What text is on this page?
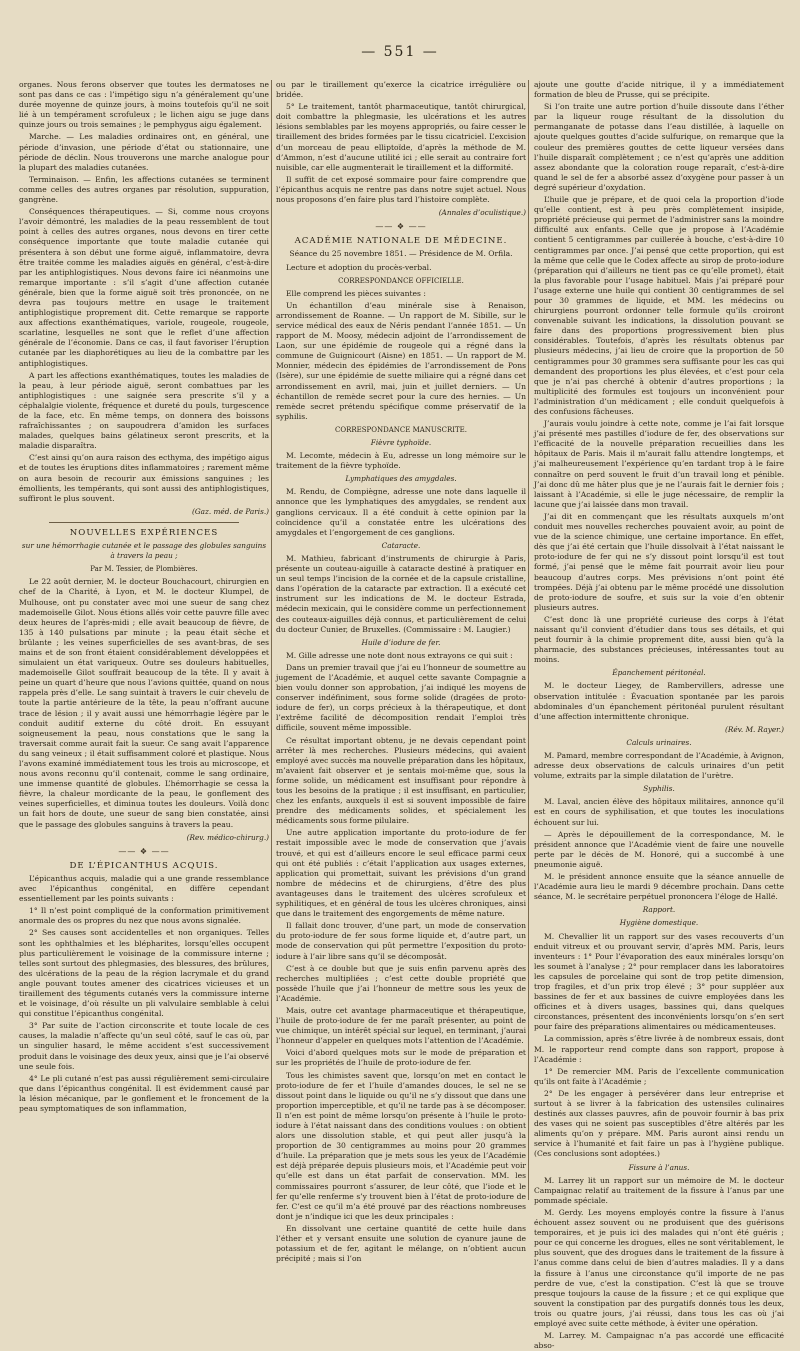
— 551 —

organes. Nous ferons observer que toutes les dermatoses ne sont pas dans ce cas : l’impétigo sigu n’a généralement qu’une durée moyenne de quinze jours, à moins toutefois qu’il ne soit lié à un tempérament scrofuleux ; le lichen aigu se juge dans quinze jours ou trois semaines ; le pemphygus aigu également.

Marche. — Les maladies ordinaires ont, en général, une période d’invasion, une période d’état ou stationnaire, une période de déclin. Nous trouverons une marche analogue pour la plupart des maladies cutanées.

Terminaison. — Enfin, les affections cutanées se terminent comme celles des autres organes par résolution, suppuration, gangrène.

Conséquences thérapeutiques. — Si, comme nous croyons l’avoir démontré, les maladies de la peau ressemblent de tout point à celles des autres organes, nous devons en tirer cette conséquence importante que toute maladie cutanée qui présentera à son début une forme aiguë, inflammatoire, devra être traitée comme les maladies aiguës en général, c’est-à-dire par les antiphlogistiques. Nous devons faire ici néanmoins une remarque importante : s’il s’agit d’une affection cutanée générale, bien que la forme aiguë soit très prononcée, on ne devra pas toujours mettre en usage le traitement antiphlogistique proprement dit. Cette remarque se rapporte aux affections exanthématiques, variole, rougeole, rougeole, scarlatine, lesquelles ne sont que le reflet d’une affection générale de l’économie. Dans ce cas, il faut favoriser l’éruption cutanée par les diaphorétiques au lieu de la combattre par les antiphlogistiques.

A part les affections exanthématiques, toutes les maladies de la peau, à leur période aiguë, seront combattues par les antiphlogistiques : une saignée sera prescrite s’il y a céphalalgie violente, fréquence et dureté du pouls, turgescence de la face, etc. En même temps, on donnera des boissons rafraîchissantes ; on saupoudrera d’amidon les surfaces malades, quelques bains gélatineux seront prescrits, et la maladie disparaîtra.

C’est ainsi qu’on aura raison des ecthyma, des impétigo aigus et de toutes les éruptions dites inflammatoires ; rarement même on aura besoin de recourir aux émissions sanguines ; les émollients, les tempérants, qui sont aussi des antiphlogistiques, suffiront le plus souvent.

(Gaz. méd. de Paris.)

NOUVELLES EXPÉRIENCES

sur une hémorrhagie cutanée et le passage des globules sanguins à travers la peau ;

Par M. Tessier, de Plombières.

Le 22 août dernier, M. le docteur Bouchacourt, chirurgien en chef de la Charité, à Lyon, et M. le docteur Klumpel, de Mulhouse, ont pu constater avec moi une sueur de sang chez mademoiselle Gilot. Nous étions allés voir cette pauvre fille avec deux heures de l’après-midi ; elle avait beaucoup de fièvre, de 135 à 140 pulsations par minute ; la peau était sèche et brûlante ; les veines superficielles de ses avant-bras, de ses mains et de son front étaient considérablement développées et simulaient un état variqueux. Outre ses douleurs habituelles, mademoiselle Gilot souffrait beaucoup de la tête. Il y avait à peine un quart d’heure que nous l’avions quittée, quand on nous rappela près d’elle. Le sang suintait à travers le cuir chevelu de toute la partie antérieure de la tête, la peau n’offrant aucune trace de lésion ; il y avait aussi une hémorrhagie légère par le conduit auditif externe du côté droit. En essuyant soigneusement la peau, nous constations que le sang la traversait comme aurait fait la sueur. Ce sang avait l’apparence du sang veineux ; il était suffisamment coloré et plastique. Nous l’avons examiné immédiatement tous les trois au microscope, et nous avons reconnu qu’il contenait, comme le sang ordinaire, une immense quantité de globules. L’hémorrhagie se cessa la fièvre, la chaleur mordicante de la peau, le gonflement des veines superficielles, et diminua toutes les douleurs. Voilà donc un fait hors de doute, une sueur de sang bien constatée, ainsi que le passage des globules sanguins à travers la peau.

(Rev. médico-chirurg.)

—— ❖ ——

DE L’ÉPICANTHUS ACQUIS.

L’épicanthus acquis, maladie qui a une grande ressemblance avec l’épicanthus congénital, en diffère cependant essentiellement par les points suivants :

1° Il n’est point compliqué de la conformation primitivement anormale des os propres du nez que nous avons signalée.

2° Ses causes sont accidentelles et non organiques. Telles sont les ophthalmies et les blépharites, lorsqu’elles occupent plus particulièrement le voisinage de la commissure interne ; telles sont surtout des phlegmasies, des blessures, des brûlures, des ulcérations de la peau de la région lacrymale et du grand angle pouvant toutes amener des cicatrices vicieuses et un tiraillement des téguments cutanés vers la commissure interne et le voisinage, d’où résulte un pli valvulaire semblable à celui qui constitue l’épicanthus congénital.

3° Par suite de l’action circonscrite et toute locale de ces causes, la maladie n’affecte qu’un seul côté, sauf le cas où, par un singulier hasard, le même accident s’est successivement produit dans le voisinage des deux yeux, ainsi que je l’ai observé une seule fois.

4° Le pli cutané n’est pas aussi régulièrement semi-circulaire que dans l’épicanthus congénital. Il est évidemment causé par la lésion mécanique, par le gonflement et le froncement de la peau symptomatiques de son inflammation,

ou par le tiraillement qu’exerce la cicatrice irrégulière ou bridée.

5° Le traitement, tantôt pharmaceutique, tantôt chirurgical, doit combattre la phlegmasie, les ulcérations et les autres lésions semblables par les moyens appropriés, ou faire cesser le tiraillement des brides formées par le tissu cicatriciel. L’excision d’un morceau de peau elliptoïde, d’après la méthode de M. d’Ammon, n’est d’aucune utilité ici ; elle serait au contraire fort nuisible, car elle augmenterait le tiraillement et la difformité.

Il suffit de cet exposé sommaire pour faire comprendre que l’épicanthus acquis ne rentre pas dans notre sujet actuel. Nous nous proposons d’en faire plus tard l’histoire complète.

(Annales d’oculistique.)

—— ❖ ——

ACADÉMIE NATIONALE DE MÉDECINE.

Séance du 25 novembre 1851. — Présidence de M. Orfila.

Lecture et adoption du procès-verbal.

CORRESPONDANCE OFFICIELLE.

Elle comprend les pièces suivantes :

Un échantillon d’eau minérale sise à Renaison, arrondissement de Roanne. — Un rapport de M. Sibille, sur le service médical des eaux de Néris pendant l’année 1851. — Un rapport de M. Moosy, médecin adjoint de l’arrondissement de Laon, sur une épidémie de rougeole qui a régné dans la commune de Guignicourt (Aisne) en 1851. — Un rapport de M. Monnier, médecin des épidémies de l’arrondissement de Pons (Isère), sur une épidémie de suette miliaire qui a régné dans cet arrondissement en avril, mai, juin et juillet derniers. — Un échantillon de remède secret pour la cure des hernies. — Un remède secret prétendu spécifique comme préservatif de la syphilis.

CORRESPONDANCE MANUSCRITE.

Fièvre typhoïde.

M. Lecomte, médecin à Eu, adresse un long mémoire sur le traitement de la fièvre typhoïde.

Lymphatiques des amygdales.

M. Rendu, de Compiègne, adresse une note dans laquelle il annonce que les lymphatiques des amygdales, se rendent aux ganglions cervicaux. Il a été conduit à cette opinion par la coïncidence qu’il a constatée entre les ulcérations des amygdales et l’engorgement de ces ganglions.

Cataracte.

M. Mathieu, fabricant d’instruments de chirurgie à Paris, présente un couteau-aiguille à cataracte destiné à pratiquer en un seul temps l’incision de la cornée et de la capsule cristalline, dans l’opération de la cataracte par extraction. Il a exécuté cet instrument sur les indications de M. le docteur Estrada, médecin mexicain, qui le considère comme un perfectionnement des couteaux-aiguilles déjà connus, et particulièrement de celui du docteur Cunier, de Bruxelles. (Commissaire : M. Laugier.)

Huile d’iodure de fer.

M. Gille adresse une note dont nous extrayons ce qui suit :

Dans un premier travail que j’ai eu l’honneur de soumettre au jugement de l’Académie, et auquel cette savante Compagnie a bien voulu donner son approbation, j’ai indiqué les moyens de conserver indéfiniment, sous forme solide (dragées de proto-iodure de fer), un corps précieux à la thérapeutique, et dont l’extrême facilité de décomposition rendait l’emploi très difficile, souvent même impossible.

Ce résultat important obtenu, je ne devais cependant point arrêter là mes recherches. Plusieurs médecins, qui avaient employé avec succès ma nouvelle préparation dans les hôpitaux, m’avaient fait observer et je sentais moi-même que, sous la forme solide, un médicament est insuffisant pour répondre à tous les besoins de la pratique ; il est insuffisant, en particulier, chez les enfants, auxquels il est si souvent impossible de faire prendre des médicaments solides, et spécialement les médicaments sous forme pilulaire.

Une autre application importante du proto-iodure de fer restait impossible avec le mode de conservation que j’avais trouvé, et qui est d’ailleurs encore le seul efficace parmi ceux qui ont été publiés : c’était l’application aux usages externes, application qui promettait, suivant les prévisions d’un grand nombre de médecins et de chirurgiens, d’être des plus avantageuses dans le traitement des ulcères scrofuleux et syphilitiques, et en général de tous les ulcères chroniques, ainsi que dans le traitement des engorgements de même nature.

Il fallait donc trouver, d’une part, un mode de conservation du proto-iodure de fer sous forme liquide et, d’autre part, un mode de conservation qui pût permettre l’exposition du proto-iodure à l’air libre sans qu’il se décomposât.

C’est à ce double but que je suis enfin parvenu après des recherches multipliées ; c’est cette double propriété que possède l’huile que j’ai l’honneur de mettre sous les yeux de l’Académie.

Mais, outre cet avantage pharmaceutique et thérapeutique, l’huile de proto-iodure de fer me paraît présenter, au point de vue chimique, un intérêt spécial sur lequel, en terminant, j’aurai l’honneur d’appeler en quelques mots l’attention de l’Académie.

Voici d’abord quelques mots sur le mode de préparation et sur les propriétés de l’huile de proto-iodure de fer.

Tous les chimistes savent que, lorsqu’on met en contact le proto-iodure de fer et l’huile d’amandes douces, le sel ne se dissout point dans le liquide ou qu’il ne s’y dissout que dans une proportion imperceptible, et qu’il ne tarde pas à se décomposer. Il n’en est point de même lorsqu’on présente à l’huile le proto-iodure à l’état naissant dans des conditions voulues : on obtient alors une dissolution stable, et qui peut aller jusqu’à la proportion de 30 centigrammes au moins pour 20 grammes d’huile. La préparation que je mets sous les yeux de l’Académie est déjà préparée depuis plusieurs mois, et l’Académie peut voir qu’elle est dans un état parfait de conservation. MM. les commissaires pourront s’assurer, de leur côté, que l’iode et le fer qu’elle renferme s’y trouvent bien à l’état de proto-iodure de fer. C’est ce qu’il m’a été prouvé par des réactions nombreuses dont je n’indique ici que les deux principales :

En dissolvant une certaine quantité de cette huile dans l’éther et y versant ensuite une solution de cyanure jaune de potassium et de fer, agitant le mélange, on n’obtient aucun précipité ; mais si l’on

ajoute une goutte d’acide nitrique, il y a immédiatement formation de bleu de Prusse, qui se précipite.

Si l’on traite une autre portion d’huile dissoute dans l’éther par la liqueur rouge résultant de la dissolution du permanganate de potasse dans l’eau distillée, à laquelle on ajoute quelques gouttes d’acide sulfurique, on remarque que la couleur des premières gouttes de cette liqueur versées dans l’huile disparaît complètement ; ce n’est qu’après une addition assez abondante que la coloration rouge reparaît, c’est-à-dire quand le sel de fer a absorbé assez d’oxygène pour passer à un degré supérieur d’oxydation.

L’huile que je prépare, et de quoi cela la proportion d’iode qu’elle contient, est à peu près complètement insipide, propriété précieuse qui permet de l’administrer sans la moindre difficulté aux enfants. Celle que je propose à l’Académie contient 5 centigrammes par cuillerée à bouche, c’est-à-dire 10 centigrammes par once. J’ai pensé que cette proportion, qui est la même que celle que le Codex affecte au sirop de proto-iodure (préparation qui d’ailleurs ne tient pas ce qu’elle promet), était la plus favorable pour l’usage habituel. Mais j’ai préparé pour l’usage externe une huile qui contient 30 centigrammes de sel pour 30 grammes de liquide, et MM. les médecins ou chirurgiens pourront ordonner telle formule qu’ils croiront convenable suivant les indications, la dissolution pouvant se faire dans des proportions progressivement bien plus considérables. Toutefois, d’après les résultats obtenus par plusieurs médecins, j’ai lieu de croire que la proportion de 50 centigrammes pour 30 grammes sera suffisante pour les cas qui demandent des proportions les plus élevées, et c’est pour cela que je n’ai pas cherché à obtenir d’autres proportions ; la multiplicité des formules est toujours un inconvénient pour l’administration d’un médicament ; elle conduit quelquefois à des confusions fâcheuses.

J’aurais voulu joindre à cette note, comme je l’ai fait lorsque j’ai présenté mes pastilles d’iodure de fer, des observations sur l’efficacité de la nouvelle préparation recueillies dans les hôpitaux de Paris. Mais il m’aurait fallu attendre longtemps, et j’ai malheureusement l’expérience qu’en tardant trop à le faire connaître on perd souvent le fruit d’un travail long et pénible. J’ai donc dû me hâter plus que je ne l’aurais fait le dernier fois ; laissant à l’Académie, si elle le juge nécessaire, de remplir la lacune que j’ai laissée dans mon travail.

J’ai dit en commençant que les résultats auxquels m’ont conduit mes nouvelles recherches pouvaient avoir, au point de vue de la science chimique, une certaine importance. En effet, dès que j’ai été certain que l’huile dissolvait à l’état naissant le proto-iodure de fer qui ne s’y dissout point lorsqu’il est tout formé, j’ai pensé que le même fait pourrait avoir lieu pour beaucoup d’autres corps. Mes prévisions n’ont point été trompées. Déjà j’ai obtenu par le même procédé une dissolution de proto-iodure de soufre, et suis sur la voie d’en obtenir plusieurs autres.

C’est donc là une propriété curieuse des corps à l’état naissant qu’il convient d’étudier dans tous ses détails, et qui peut fournir à la chimie proprement dite, aussi bien qu’à la pharmacie, des substances précieuses, intéressantes tout au moins.

Épanchement péritonéal.

M. le docteur Liegey, de Rambervillers, adresse une observation intitulée : Évacuation spontanée par les parois abdominales d’un épanchement péritonéal purulent résultant d’une affection intermittente chronique.

(Rév. M. Rayer.)

Calculs urinaires.

M. Pamard, membre correspondant de l’Académie, à Avignon, adresse deux observations de calculs urinaires d’un petit volume, extraits par la simple dilatation de l’urètre.

Syphilis.

M. Laval, ancien élève des hôpitaux militaires, annonce qu’il est en cours de syphilisation, et que toutes les inoculations échouent sur lui.

— Après le dépouillement de la correspondance, M. le président annonce que l’Académie vient de faire une nouvelle perte par le décès de M. Honoré, qui a succombé à une pneumonie aiguë.

M. le président annonce ensuite que la séance annuelle de l’Académie aura lieu le mardi 9 décembre prochain. Dans cette séance, M. le secrétaire perpétuel prononcera l’éloge de Hallé.

Rapport.

Hygiène domestique.

M. Chevallier lit un rapport sur des vases recouverts d’un enduit vitreux et ou prouvant servir, d’après MM. Paris, leurs inventeurs : 1° Pour l’évaporation des eaux minérales lorsqu’on les soumet à l’analyse ; 2° pour remplacer dans les laboratoires les capsules de porcelaine qui sont de trop petite dimension, trop fragiles, et d’un prix trop élevé ; 3° pour suppléer aux bassines de fer et aux bassines de cuivre employées dans les officines et à divers usages, bassines qui, dans quelques circonstances, présentent des inconvénients lorsqu’on s’en sert pour faire des préparations alimentaires ou médicamenteuses.

La commission, après s’être livrée à de nombreux essais, dont M. le rapporteur rend compte dans son rapport, propose à l’Académie :

1° De remercier MM. Paris de l’excellente communication qu’ils ont faite à l’Académie ;

2° De les engager à persévérer dans leur entreprise et surtout à se livrer à la fabrication des ustensiles culinaires destinés aux classes pauvres, afin de pouvoir fournir à bas prix des vases qui ne soient pas susceptibles d’être altérés par les aliments qu’on y prépare. MM. Paris auront ainsi rendu un service à l’humanité et fait faire un pas à l’hygiène publique. (Ces conclusions sont adoptées.)

Fissure à l’anus.

M. Larrey lit un rapport sur un mémoire de M. le docteur Campaignac relatif au traitement de la fissure à l’anus par une pommade spéciale.

M. Gerdy. Les moyens employés contre la fissure à l’anus échouent assez souvent ou ne produisent que des guérisons temporaires, et je puis ici des malades qui n’ont été guéris ; pour ce qui concerne les drogues, elles ne sont véritablement, le plus souvent, que des drogues dans le traitement de la fissure à l’anus comme dans celui de bien d’autres maladies. Il y a dans la fissure à l’anus une circonstance qu’il importe de ne pas perdre de vue, c’est la constipation. C’est là que se trouve presque toujours la cause de la fissure ; et ce qui explique que souvent la constipation par des purgatifs donnés tous les deux, trois ou quatre jours, j’ai réussi, dans tous les cas où j’ai employé avec suite cette méthode, à éviter une opération.

M. Larrey. M. Campaignac n’a pas accordé une efficacité abso-
